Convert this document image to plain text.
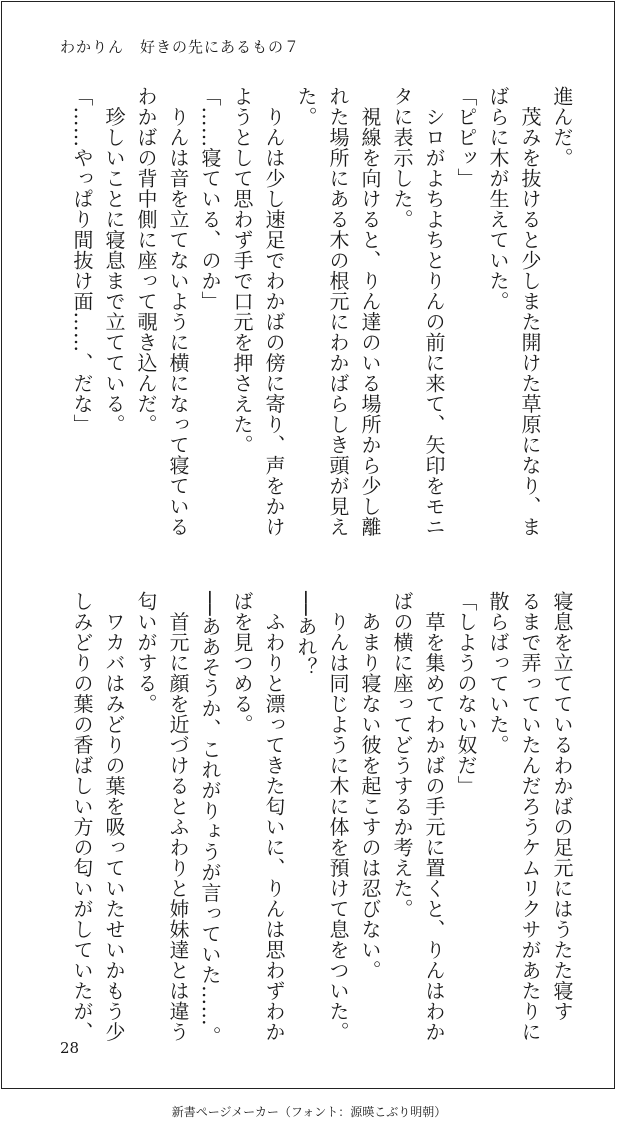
わかりん　好きの先にあるもの７
進んだ。
　茂みを抜けると少しまた開けた草原になり、ま
ばらに木が生えていた。
「ピピッ」
　シロがよちよちとりんの前に来て、矢印をモニ
タに表示した。
　視線を向けると、りん達のいる場所から少し離
れた場所にある木の根元にわかばらしき頭が見え
た。
　りんは少し速足でわかばの傍に寄り、声をかけ
ようとして思わず手で口元を押さえた。
「……寝ている、のか」
　りんは音を立てないように横になって寝ている
わかばの背中側に座って覗き込んだ。
　珍しいことに寝息まで立てている。
「……やっぱり間抜け面……、だな」
寝息を立てているわかばの足元にはうたた寝す
るまで弄っていたんだろうケムリクサがあたりに
散らばっていた。
「しようのない奴だ」
　草を集めてわかばの手元に置くと、りんはわか
ばの横に座ってどうするか考えた。
　あまり寝ない彼を起こすのは忍びない。
　りんは同じように木に体を預けて息をついた。
──あれ？
　ふわりと漂ってきた匂いに、りんは思わずわか
ばを見つめる。
──ああそうか、これがりょうが言っていた……。
　首元に顔を近づけるとふわりと姉妹達とは違う
匂いがする。
　ワカバはみどりの葉を吸っていたせいかもう少
しみどりの葉の香ばしい方の匂いがしていたが、
28
新書ページメーカー（フォント：源暎こぶり明朝）
